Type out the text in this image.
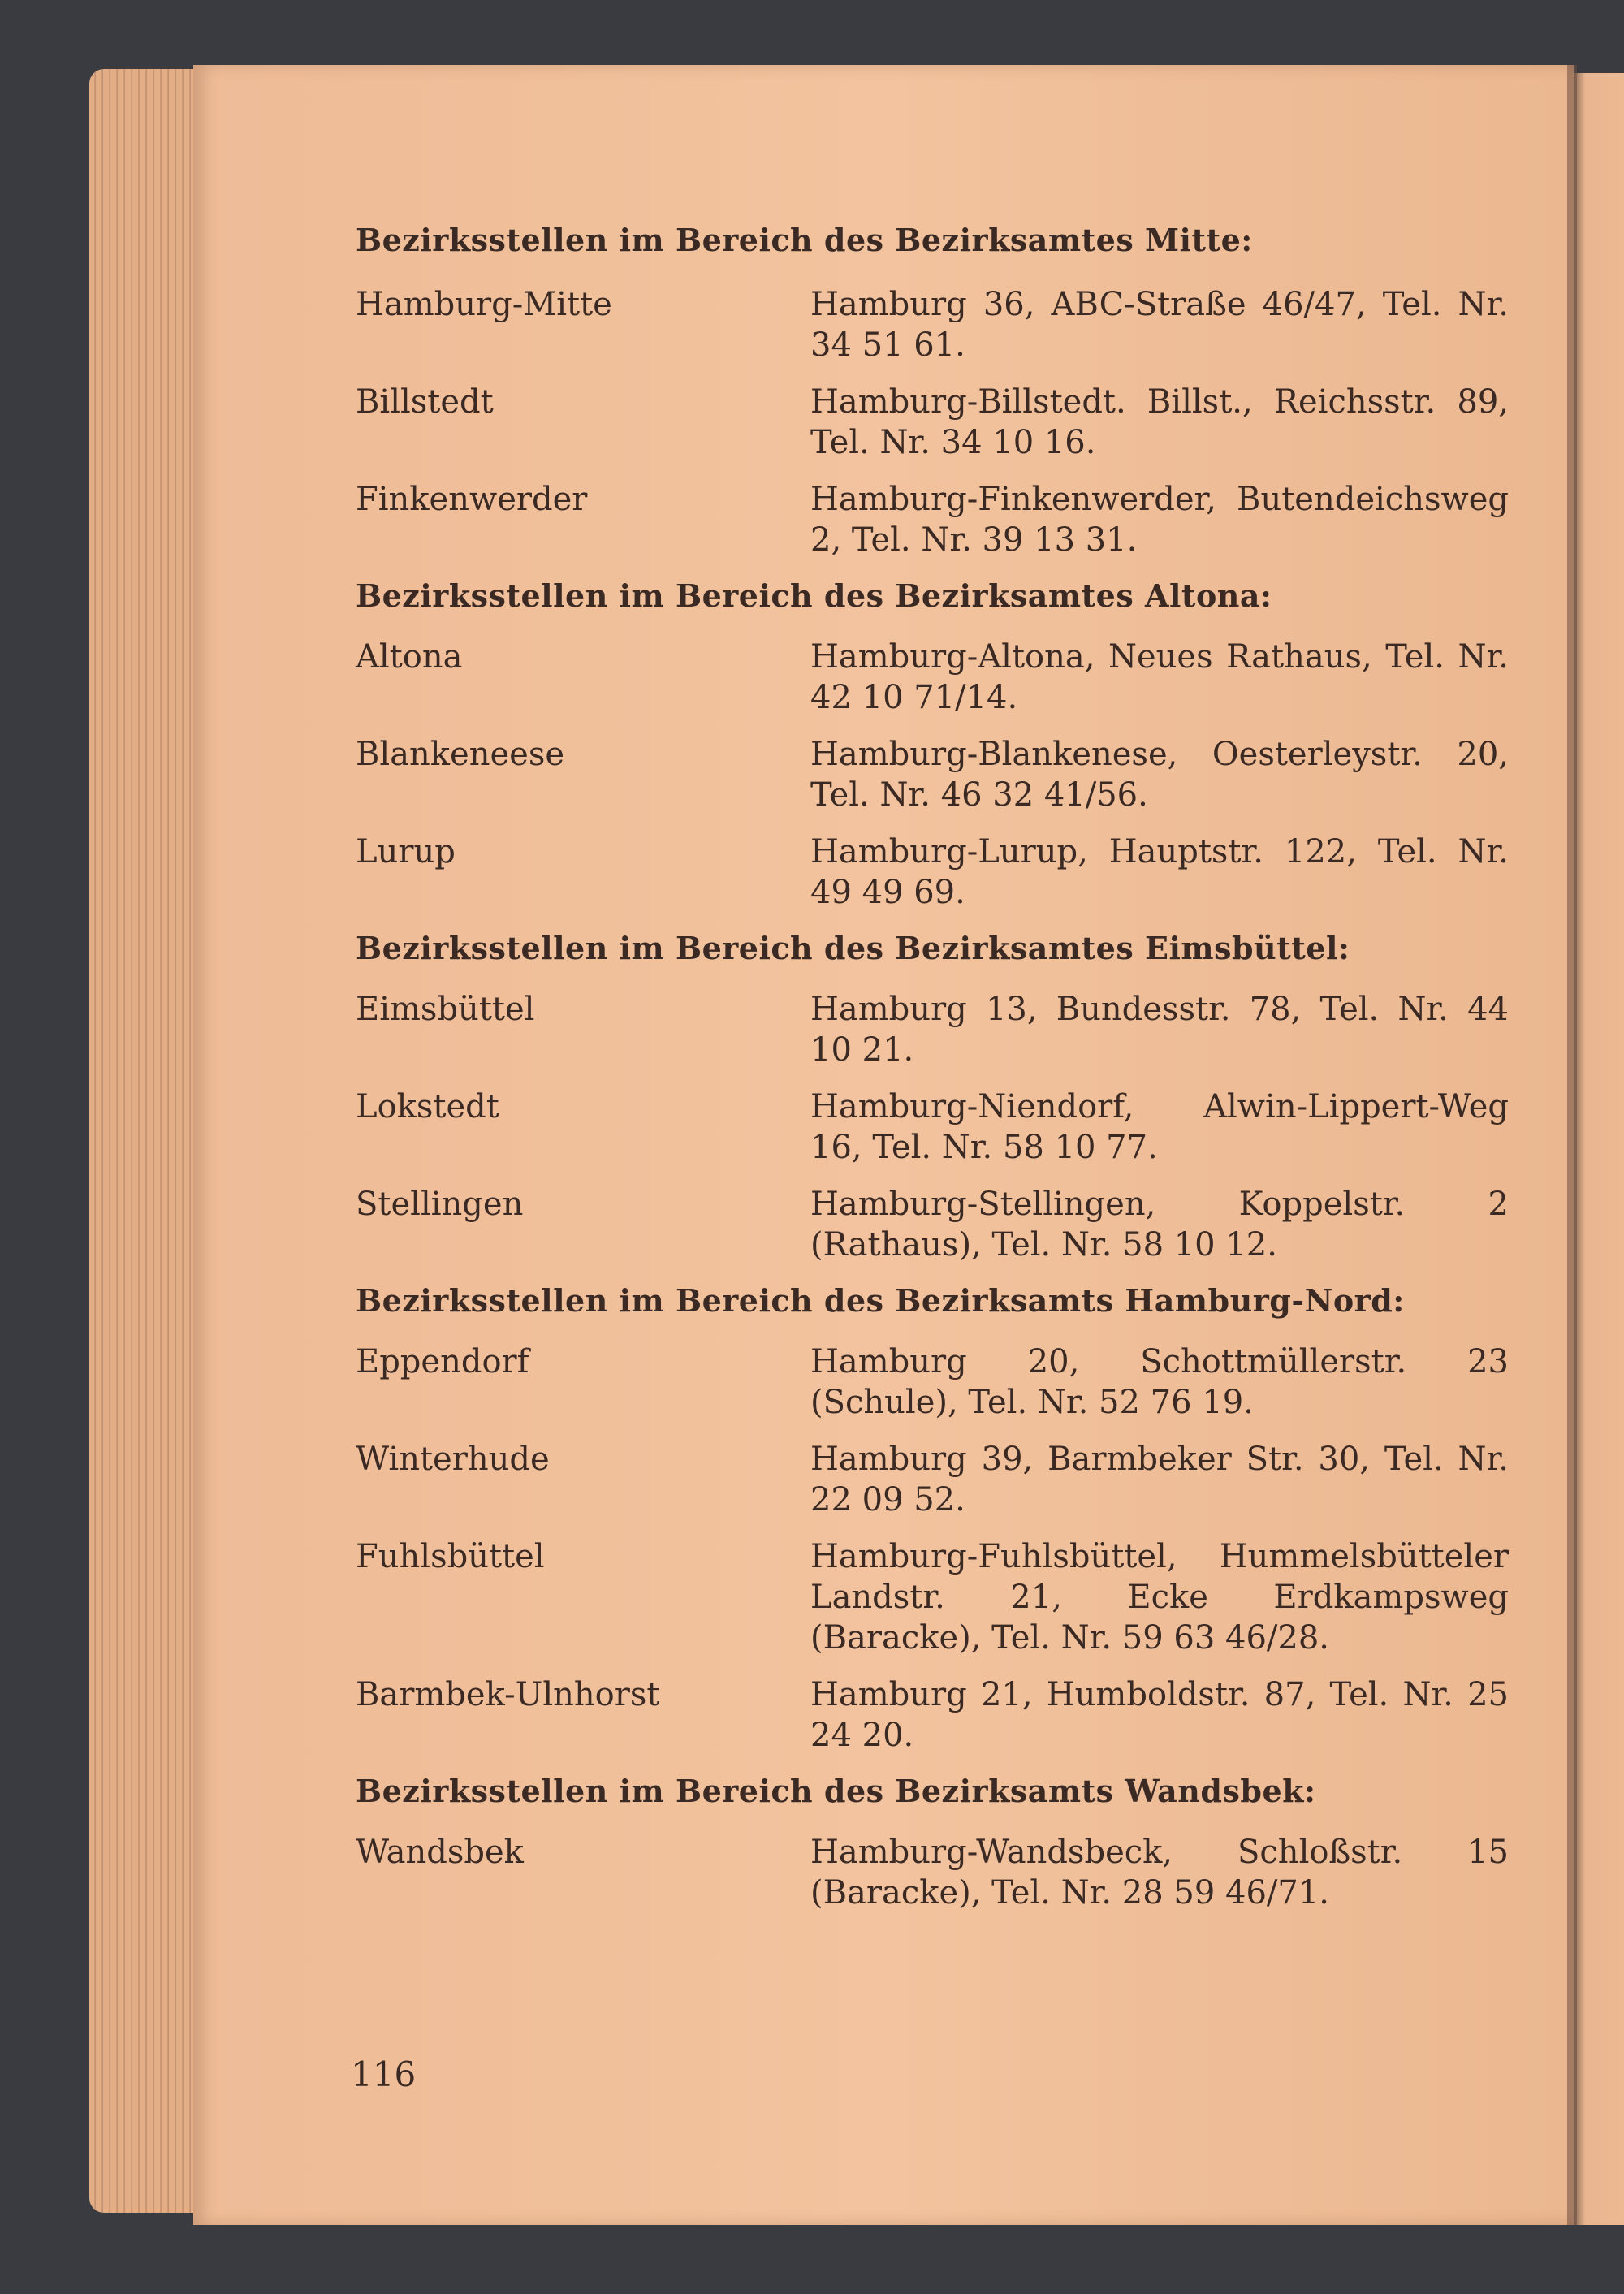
Bezirksstellen im Bereich des Bezirksamtes Mitte:
Hamburg-Mitte	Hamburg 36, ABC-Straße 46/47, Tel. Nr. 34 51 61.
Billstedt	Hamburg-Billstedt. Billst., Reichsstr. 89, Tel. Nr. 34 10 16.
Finkenwerder	Hamburg-Finkenwerder, Butendeichsweg 2, Tel. Nr. 39 13 31.
Bezirksstellen im Bereich des Bezirksamtes Altona:
Altona	Hamburg-Altona, Neues Rathaus, Tel. Nr. 42 10 71/14.
Blankeneese	Hamburg-Blankenese, Oesterleystr. 20, Tel. Nr. 46 32 41/56.
Lurup	Hamburg-Lurup, Hauptstr. 122, Tel. Nr. 49 49 69.
Bezirksstellen im Bereich des Bezirksamtes Eimsbüttel:
Eimsbüttel	Hamburg 13, Bundesstr. 78, Tel. Nr. 44 10 21.
Lokstedt	Hamburg-Niendorf, Alwin-Lippert-Weg 16, Tel. Nr. 58 10 77.
Stellingen	Hamburg-Stellingen, Koppelstr. 2 (Rathaus), Tel. Nr. 58 10 12.
Bezirksstellen im Bereich des Bezirksamts Hamburg-Nord:
Eppendorf	Hamburg 20, Schottmüllerstr. 23 (Schule), Tel. Nr. 52 76 19.
Winterhude	Hamburg 39, Barmbeker Str. 30, Tel. Nr. 22 09 52.
Fuhlsbüttel	Hamburg-Fuhlsbüttel, Hummelsbütteler Landstr. 21, Ecke Erdkampsweg (Baracke), Tel. Nr. 59 63 46/28.
Barmbek-Ulnhorst	Hamburg 21, Humboldstr. 87, Tel. Nr. 25 24 20.
Bezirksstellen im Bereich des Bezirksamts Wandsbek:
Wandsbek	Hamburg-Wandsbeck, Schloßstr. 15 (Baracke), Tel. Nr. 28 59 46/71.
116
